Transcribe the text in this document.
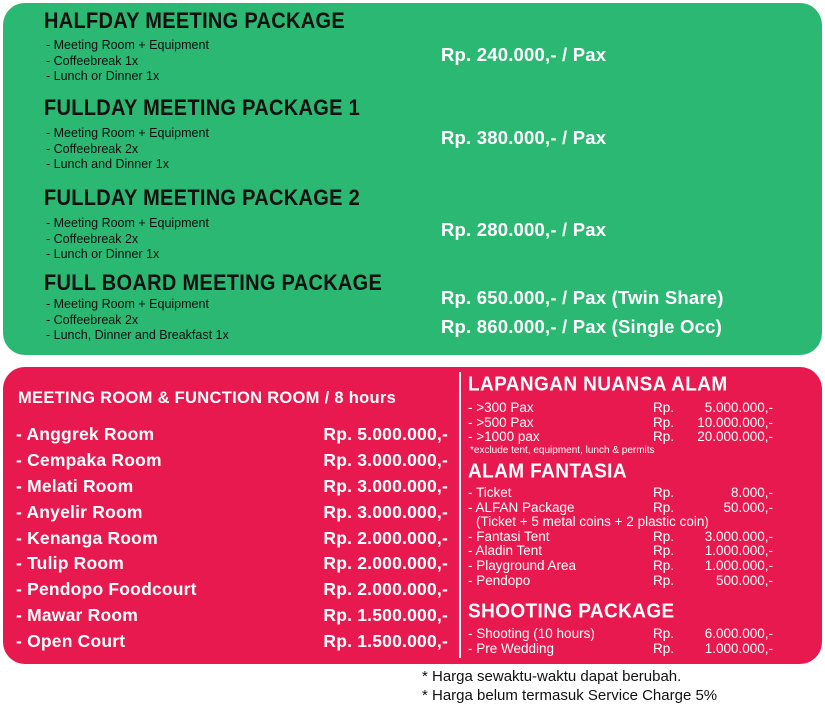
HALFDAY MEETING PACKAGE
- Meeting Room + Equipment
- Coffeebreak 1x
- Lunch or Dinner 1x
Rp. 240.000,- / Pax
FULLDAY MEETING PACKAGE 1
- Meeting Room + Equipment
- Coffeebreak 2x
- Lunch and Dinner 1x
Rp. 380.000,- / Pax
FULLDAY MEETING PACKAGE 2
- Meeting Room + Equipment
- Coffeebreak 2x
- Lunch or Dinner 1x
Rp. 280.000,- / Pax
FULL BOARD MEETING PACKAGE
- Meeting Room + Equipment
- Coffeebreak 2x
- Lunch, Dinner and Breakfast 1x
Rp. 650.000,- / Pax (Twin Share)
Rp. 860.000,- / Pax (Single Occ)
MEETING ROOM & FUNCTION ROOM / 8 hours
- Anggrek Room	Rp. 5.000.000,-
- Cempaka Room	Rp. 3.000.000,-
- Melati Room	Rp. 3.000.000,-
- Anyelir Room	Rp. 3.000.000,-
- Kenanga Room	Rp. 2.000.000,-
- Tulip Room	Rp. 2.000.000,-
- Pendopo Foodcourt	Rp. 2.000.000,-
- Mawar Room	Rp. 1.500.000,-
- Open Court	Rp. 1.500.000,-
LAPANGAN NUANSA ALAM
- >300 Pax	Rp.	5.000.000,-
- >500 Pax	Rp.	10.000.000,-
- >1000 pax	Rp.	20.000.000,-
*exclude tent, equipment, lunch & permits
ALAM FANTASIA
- Ticket	Rp.	8.000,-
- ALFAN Package	Rp.	50.000,-
(Ticket + 5 metal coins + 2 plastic coin)
- Fantasi Tent	Rp.	3.000.000,-
- Aladin Tent	Rp.	1.000.000,-
- Playground Area	Rp.	1.000.000,-
- Pendopo	Rp.	500.000,-
SHOOTING PACKAGE
- Shooting (10 hours)	Rp.	6.000.000,-
- Pre Wedding	Rp.	1.000.000,-
* Harga sewaktu-waktu dapat berubah.
* Harga belum termasuk Service Charge 5%
